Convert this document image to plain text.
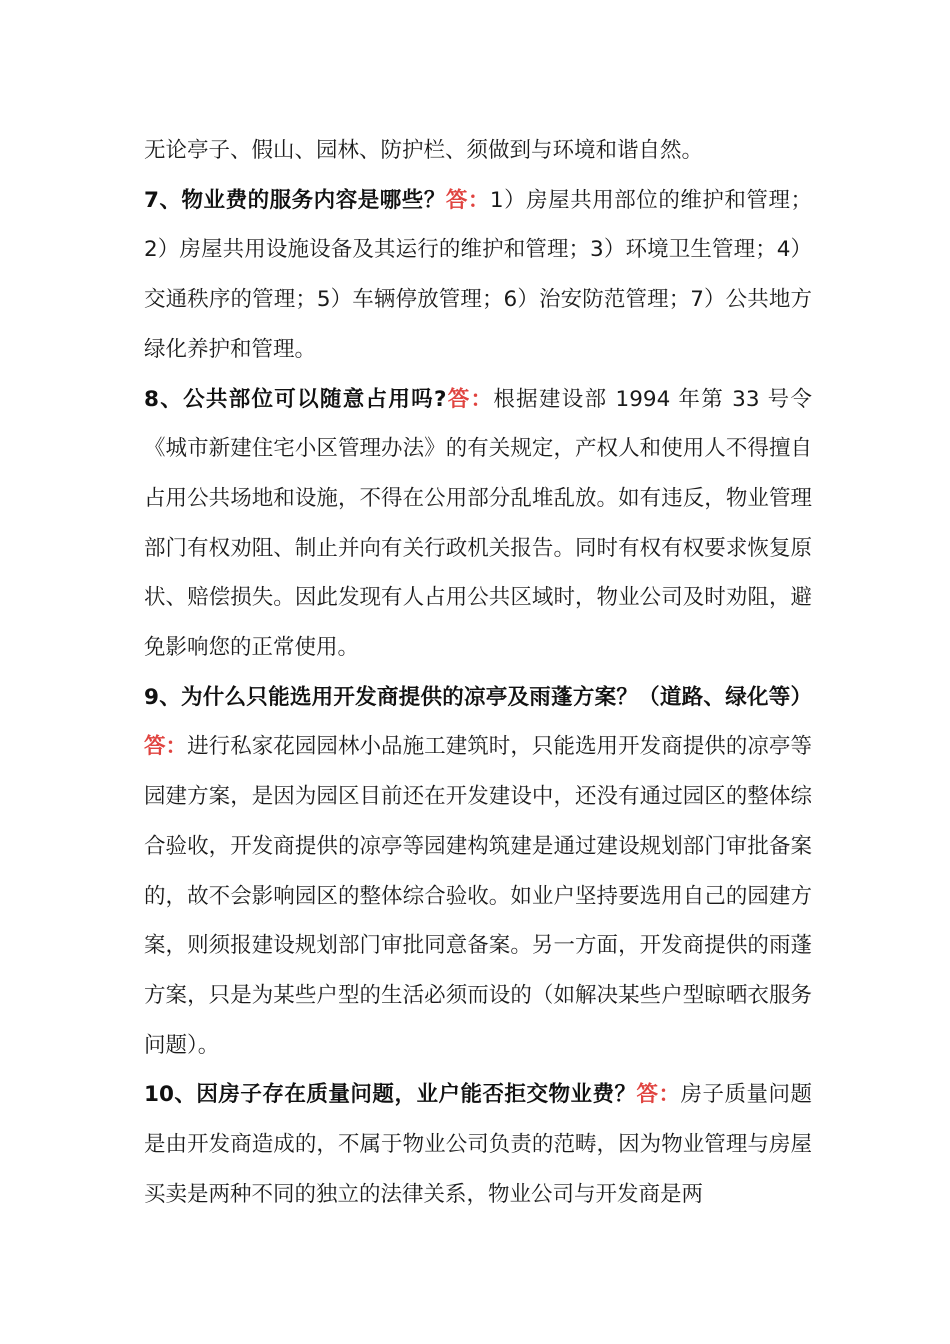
无论亭子、假山、园林、防护栏、须做到与环境和谐自然。

7、物业费的服务内容是哪些？答：1）房屋共用部位的维护和管理；2）房屋共用设施设备及其运行的维护和管理；3）环境卫生管理；4）交通秩序的管理；5）车辆停放管理；6）治安防范管理；7）公共地方绿化养护和管理。

8、公共部位可以随意占用吗?答：根据建设部 1994 年第 33 号令《城市新建住宅小区管理办法》的有关规定，产权人和使用人不得擅自占用公共场地和设施，不得在公用部分乱堆乱放。如有违反，物业管理部门有权劝阻、制止并向有关行政机关报告。同时有权有权要求恢复原状、赔偿损失。因此发现有人占用公共区域时，物业公司及时劝阻，避免影响您的正常使用。

9、为什么只能选用开发商提供的凉亭及雨蓬方案？（道路、绿化等）答：进行私家花园园林小品施工建筑时，只能选用开发商提供的凉亭等园建方案，是因为园区目前还在开发建设中，还没有通过园区的整体综合验收，开发商提供的凉亭等园建构筑建是通过建设规划部门审批备案的，故不会影响园区的整体综合验收。如业户坚持要选用自己的园建方案，则须报建设规划部门审批同意备案。另一方面，开发商提供的雨蓬方案，只是为某些户型的生活必须而设的（如解决某些户型晾晒衣服务问题）。

10、因房子存在质量问题，业户能否拒交物业费？答：房子质量问题是由开发商造成的，不属于物业公司负责的范畴，因为物业管理与房屋买卖是两种不同的独立的法律关系，物业公司与开发商是两
